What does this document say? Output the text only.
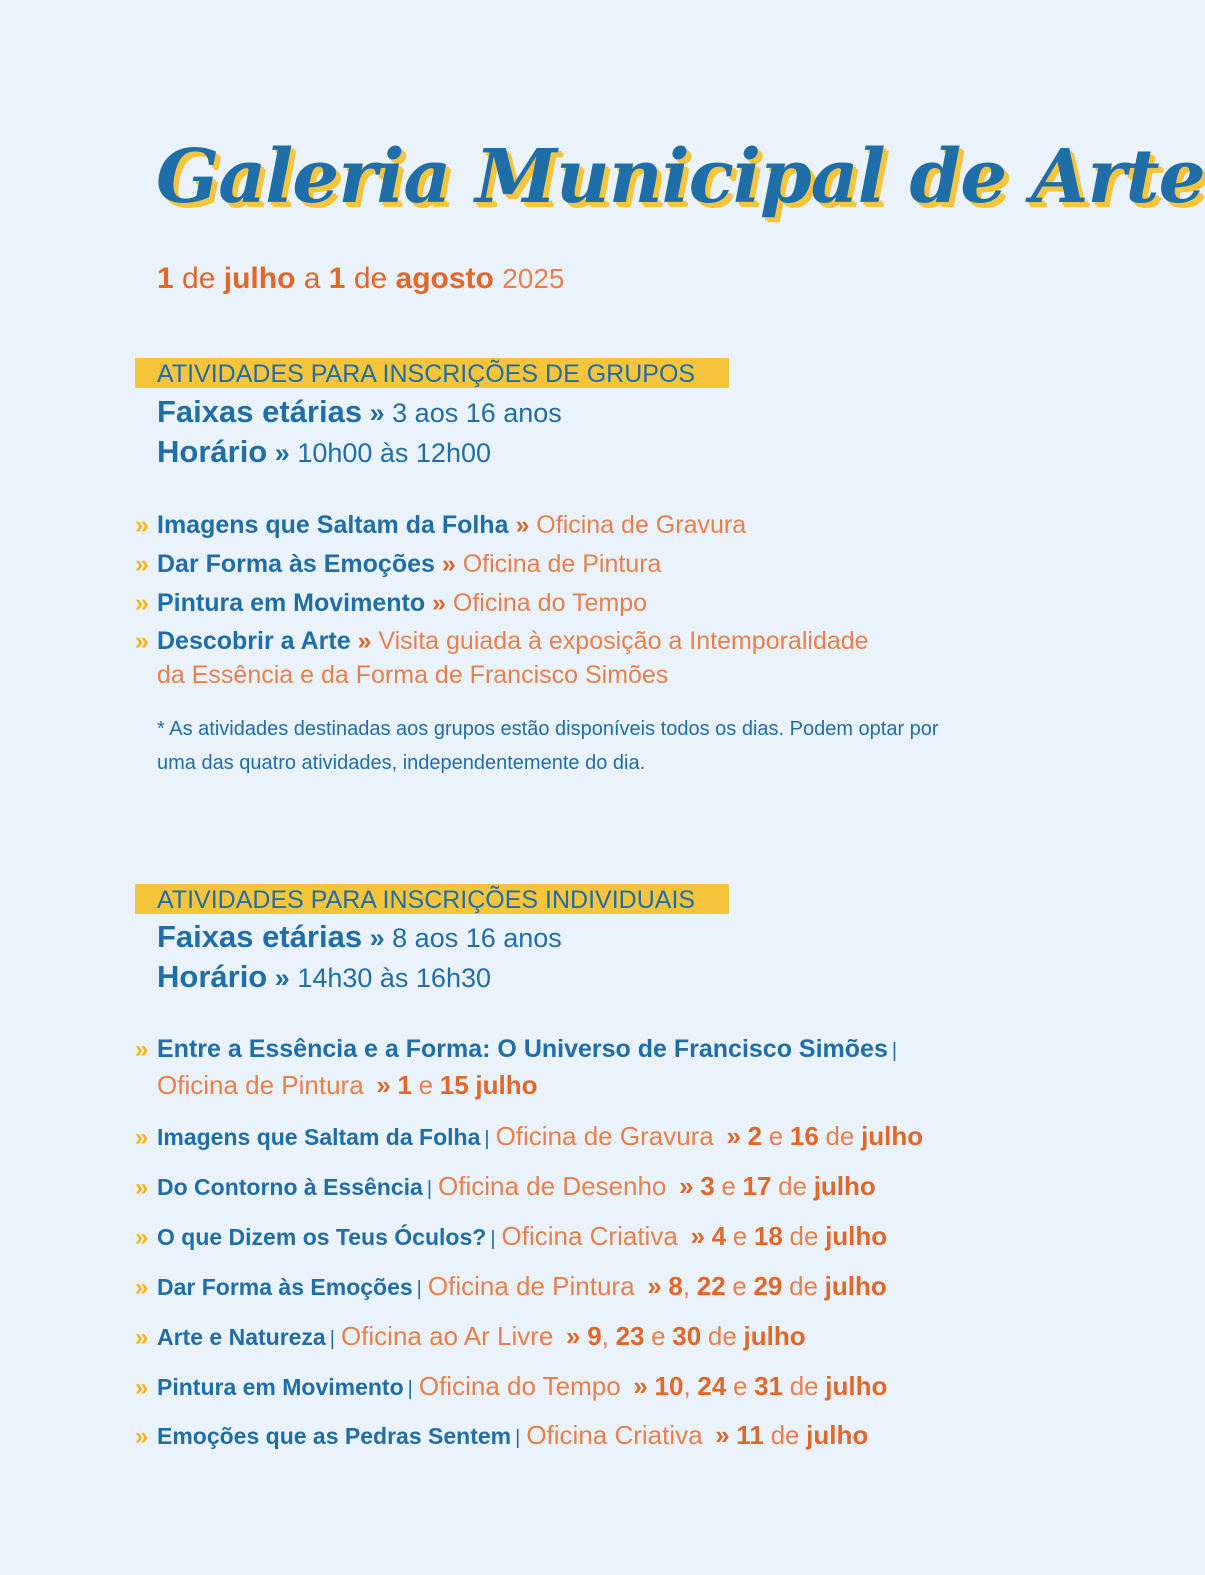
Galeria Municipal de Arte
1 de julho a 1 de agosto 2025
ATIVIDADES PARA INSCRIÇÕES DE GRUPOS
Faixas etárias » 3 aos 16 anos
Horário » 10h00 às 12h00
» Imagens que Saltam da Folha » Oficina de Gravura
» Dar Forma às Emoções » Oficina de Pintura
» Pintura em Movimento » Oficina do Tempo
» Descobrir a Arte » Visita guiada à exposição a Intemporalidade
da Essência e da Forma de Francisco Simões
* As atividades destinadas aos grupos estão disponíveis todos os dias. Podem optar por uma das quatro atividades, independentemente do dia.
ATIVIDADES PARA INSCRIÇÕES INDIVIDUAIS
Faixas etárias » 8 aos 16 anos
Horário » 14h30 às 16h30
» Entre a Essência e a Forma: O Universo de Francisco Simões |
Oficina de Pintura » 1 e 15 julho
» Imagens que Saltam da Folha | Oficina de Gravura » 2 e 16 de julho
» Do Contorno à Essência | Oficina de Desenho » 3 e 17 de julho
» O que Dizem os Teus Óculos? | Oficina Criativa » 4 e 18 de julho
» Dar Forma às Emoções | Oficina de Pintura » 8, 22 e 29 de julho
» Arte e Natureza | Oficina ao Ar Livre » 9, 23 e 30 de julho
» Pintura em Movimento | Oficina do Tempo » 10, 24 e 31 de julho
» Emoções que as Pedras Sentem | Oficina Criativa » 11 de julho
